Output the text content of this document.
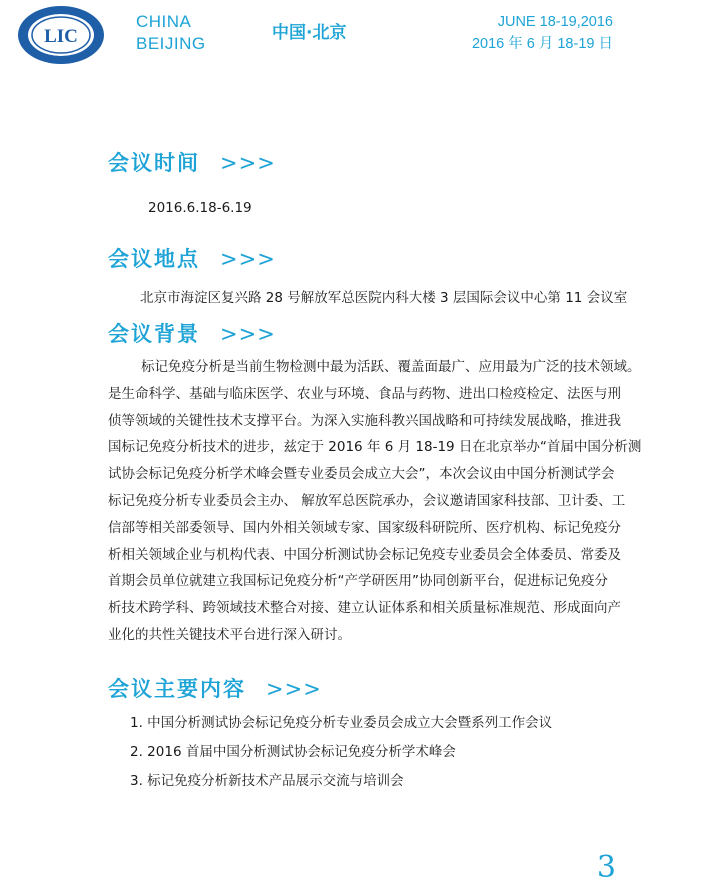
LIC
CHINA
BEIJING
中国·北京
JUNE 18-19,2016
2016 年 6 月 18-19 日
会议时间 >>>
2016.6.18-6.19
会议地点 >>>
北京市海淀区复兴路 28 号解放军总医院内科大楼 3 层国际会议中心第 11 会议室
会议背景 >>>
标记免疫分析是当前生物检测中最为活跃、覆盖面最广、应用最为广泛的技术领域。
是生命科学、基础与临床医学、农业与环境、食品与药物、进出口检疫检定、法医与刑
侦等领域的关键性技术支撑平台。为深入实施科教兴国战略和可持续发展战略，推进我
国标记免疫分析技术的进步，兹定于 2016 年 6 月 18-19 日在北京举办“首届中国分析测
试协会标记免疫分析学术峰会暨专业委员会成立大会”，本次会议由中国分析测试学会
标记免疫分析专业委员会主办、 解放军总医院承办，会议邀请国家科技部、卫计委、工
信部等相关部委领导、国内外相关领域专家、国家级科研院所、医疗机构、标记免疫分
析相关领域企业与机构代表、中国分析测试协会标记免疫专业委员会全体委员、常委及
首期会员单位就建立我国标记免疫分析“产学研医用”协同创新平台，促进标记免疫分
析技术跨学科、跨领域技术整合对接、建立认证体系和相关质量标准规范、形成面向产
业化的共性关键技术平台进行深入研讨。
会议主要内容 >>>
1. 中国分析测试协会标记免疫分析专业委员会成立大会暨系列工作会议
2. 2016 首届中国分析测试协会标记免疫分析学术峰会
3. 标记免疫分析新技术产品展示交流与培训会
3
